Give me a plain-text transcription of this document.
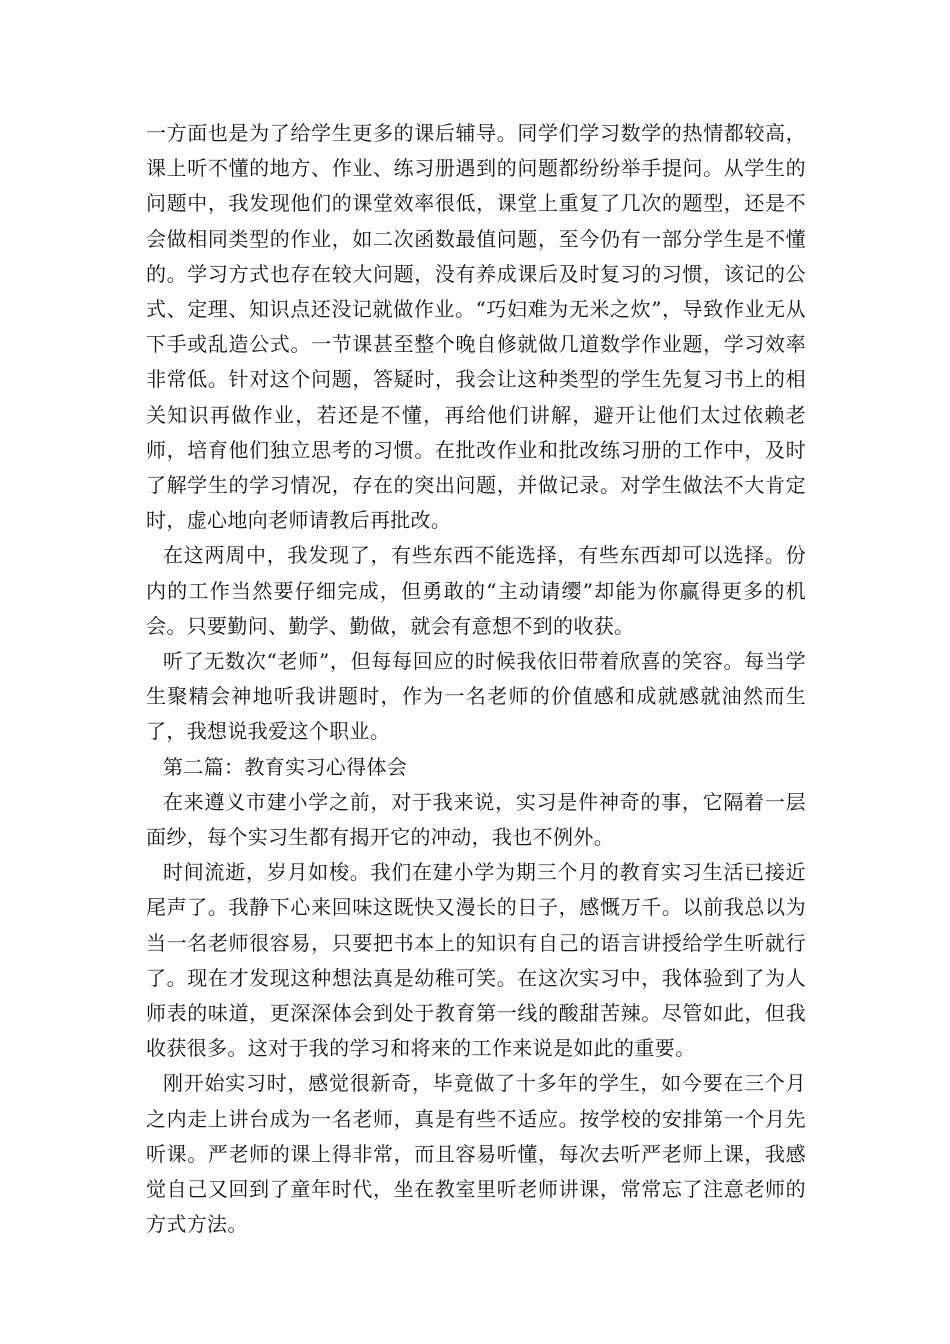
一方面也是为了给学生更多的课后辅导。同学们学习数学的热情都较高，课上听不懂的地方、作业、练习册遇到的问题都纷纷举手提问。从学生的问题中，我发现他们的课堂效率很低，课堂上重复了几次的题型，还是不会做相同类型的作业，如二次函数最值问题，至今仍有一部分学生是不懂的。学习方式也存在较大问题，没有养成课后及时复习的习惯，该记的公式、定理、知识点还没记就做作业。“巧妇难为无米之炊”，导致作业无从下手或乱造公式。一节课甚至整个晚自修就做几道数学作业题，学习效率非常低。针对这个问题，答疑时，我会让这种类型的学生先复习书上的相关知识再做作业，若还是不懂，再给他们讲解，避开让他们太过依赖老师，培育他们独立思考的习惯。在批改作业和批改练习册的工作中，及时了解学生的学习情况，存在的突出问题，并做记录。对学生做法不大肯定时，虚心地向老师请教后再批改。

在这两周中，我发现了，有些东西不能选择，有些东西却可以选择。份内的工作当然要仔细完成，但勇敢的“主动请缨”却能为你赢得更多的机会。只要勤问、勤学、勤做，就会有意想不到的收获。

听了无数次“老师”，但每每回应的时候我依旧带着欣喜的笑容。每当学生聚精会神地听我讲题时，作为一名老师的价值感和成就感就油然而生了，我想说我爱这个职业。

第二篇：教育实习心得体会

在来遵义市建小学之前，对于我来说，实习是件神奇的事，它隔着一层面纱，每个实习生都有揭开它的冲动，我也不例外。

时间流逝，岁月如梭。我们在建小学为期三个月的教育实习生活已接近尾声了。我静下心来回味这既快又漫长的日子，感慨万千。以前我总以为当一名老师很容易，只要把书本上的知识有自己的语言讲授给学生听就行了。现在才发现这种想法真是幼稚可笑。在这次实习中，我体验到了为人师表的味道，更深深体会到处于教育第一线的酸甜苦辣。尽管如此，但我收获很多。这对于我的学习和将来的工作来说是如此的重要。

刚开始实习时，感觉很新奇，毕竟做了十多年的学生，如今要在三个月之内走上讲台成为一名老师，真是有些不适应。按学校的安排第一个月先听课。严老师的课上得非常，而且容易听懂，每次去听严老师上课，我感觉自己又回到了童年时代，坐在教室里听老师讲课，常常忘了注意老师的方式方法。
